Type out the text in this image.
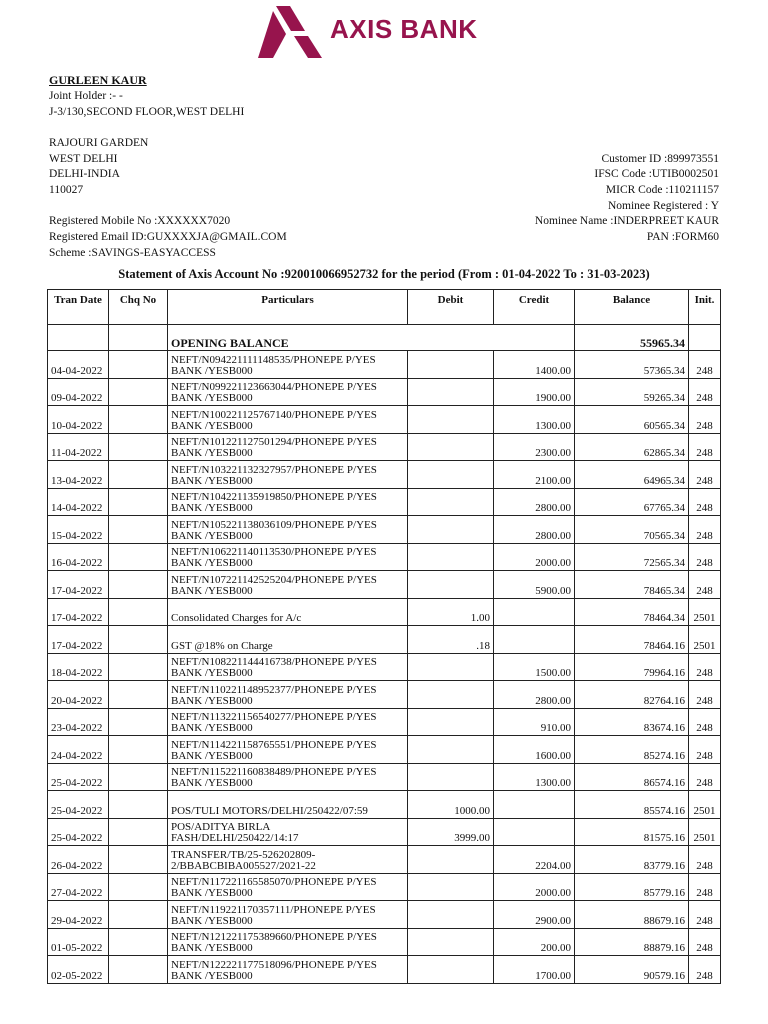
AXIS BANK
GURLEEN KAUR
Joint Holder :- -
J-3/130,SECOND FLOOR,WEST DELHI
RAJOURI GARDEN
WEST DELHI
DELHI-INDIA
110027
Registered Mobile No :XXXXXX7020
Registered Email ID:GUXXXXJA@GMAIL.COM
Scheme :SAVINGS-EASYACCESS
Customer ID :899973551
IFSC Code :UTIB0002501
MICR Code :110211157
Nominee Registered : Y
Nominee Name :INDERPREET KAUR
PAN :FORM60
Statement of Axis Account No :920010066952732 for the period (From : 01-04-2022 To : 31-03-2023)
Tran Date	Chq No	Particulars	Debit	Credit	Balance	Init.

		OPENING BALANCE			55965.34	
04-04-2022		NEFT/N094221111148535/PHONEPE P/YES
BANK /YESB000		1400.00	57365.34	248
09-04-2022		NEFT/N099221123663044/PHONEPE P/YES
BANK /YESB000		1900.00	59265.34	248
10-04-2022		NEFT/N100221125767140/PHONEPE P/YES
BANK /YESB000		1300.00	60565.34	248
11-04-2022		NEFT/N101221127501294/PHONEPE P/YES
BANK /YESB000		2300.00	62865.34	248
13-04-2022		NEFT/N103221132327957/PHONEPE P/YES
BANK /YESB000		2100.00	64965.34	248
14-04-2022		NEFT/N104221135919850/PHONEPE P/YES
BANK /YESB000		2800.00	67765.34	248
15-04-2022		NEFT/N105221138036109/PHONEPE P/YES
BANK /YESB000		2800.00	70565.34	248
16-04-2022		NEFT/N106221140113530/PHONEPE P/YES
BANK /YESB000		2000.00	72565.34	248
17-04-2022		NEFT/N107221142525204/PHONEPE P/YES
BANK /YESB000		5900.00	78465.34	248
17-04-2022		Consolidated Charges for A/c	1.00		78464.34	2501
17-04-2022		GST @18% on Charge	.18		78464.16	2501
18-04-2022		NEFT/N108221144416738/PHONEPE P/YES
BANK /YESB000		1500.00	79964.16	248
20-04-2022		NEFT/N110221148952377/PHONEPE P/YES
BANK /YESB000		2800.00	82764.16	248
23-04-2022		NEFT/N113221156540277/PHONEPE P/YES
BANK /YESB000		910.00	83674.16	248
24-04-2022		NEFT/N114221158765551/PHONEPE P/YES
BANK /YESB000		1600.00	85274.16	248
25-04-2022		NEFT/N115221160838489/PHONEPE P/YES
BANK /YESB000		1300.00	86574.16	248
25-04-2022		POS/TULI MOTORS/DELHI/250422/07:59	1000.00		85574.16	2501
25-04-2022		POS/ADITYA BIRLA
FASH/DELHI/250422/14:17	3999.00		81575.16	2501
26-04-2022		TRANSFER/TB/25-526202809-
2/BBABCBIBA005527/2021-22		2204.00	83779.16	248
27-04-2022		NEFT/N117221165585070/PHONEPE P/YES
BANK /YESB000		2000.00	85779.16	248
29-04-2022		NEFT/N119221170357111/PHONEPE P/YES
BANK /YESB000		2900.00	88679.16	248
01-05-2022		NEFT/N121221175389660/PHONEPE P/YES
BANK /YESB000		200.00	88879.16	248
02-05-2022		NEFT/N122221177518096/PHONEPE P/YES
BANK /YESB000		1700.00	90579.16	248
